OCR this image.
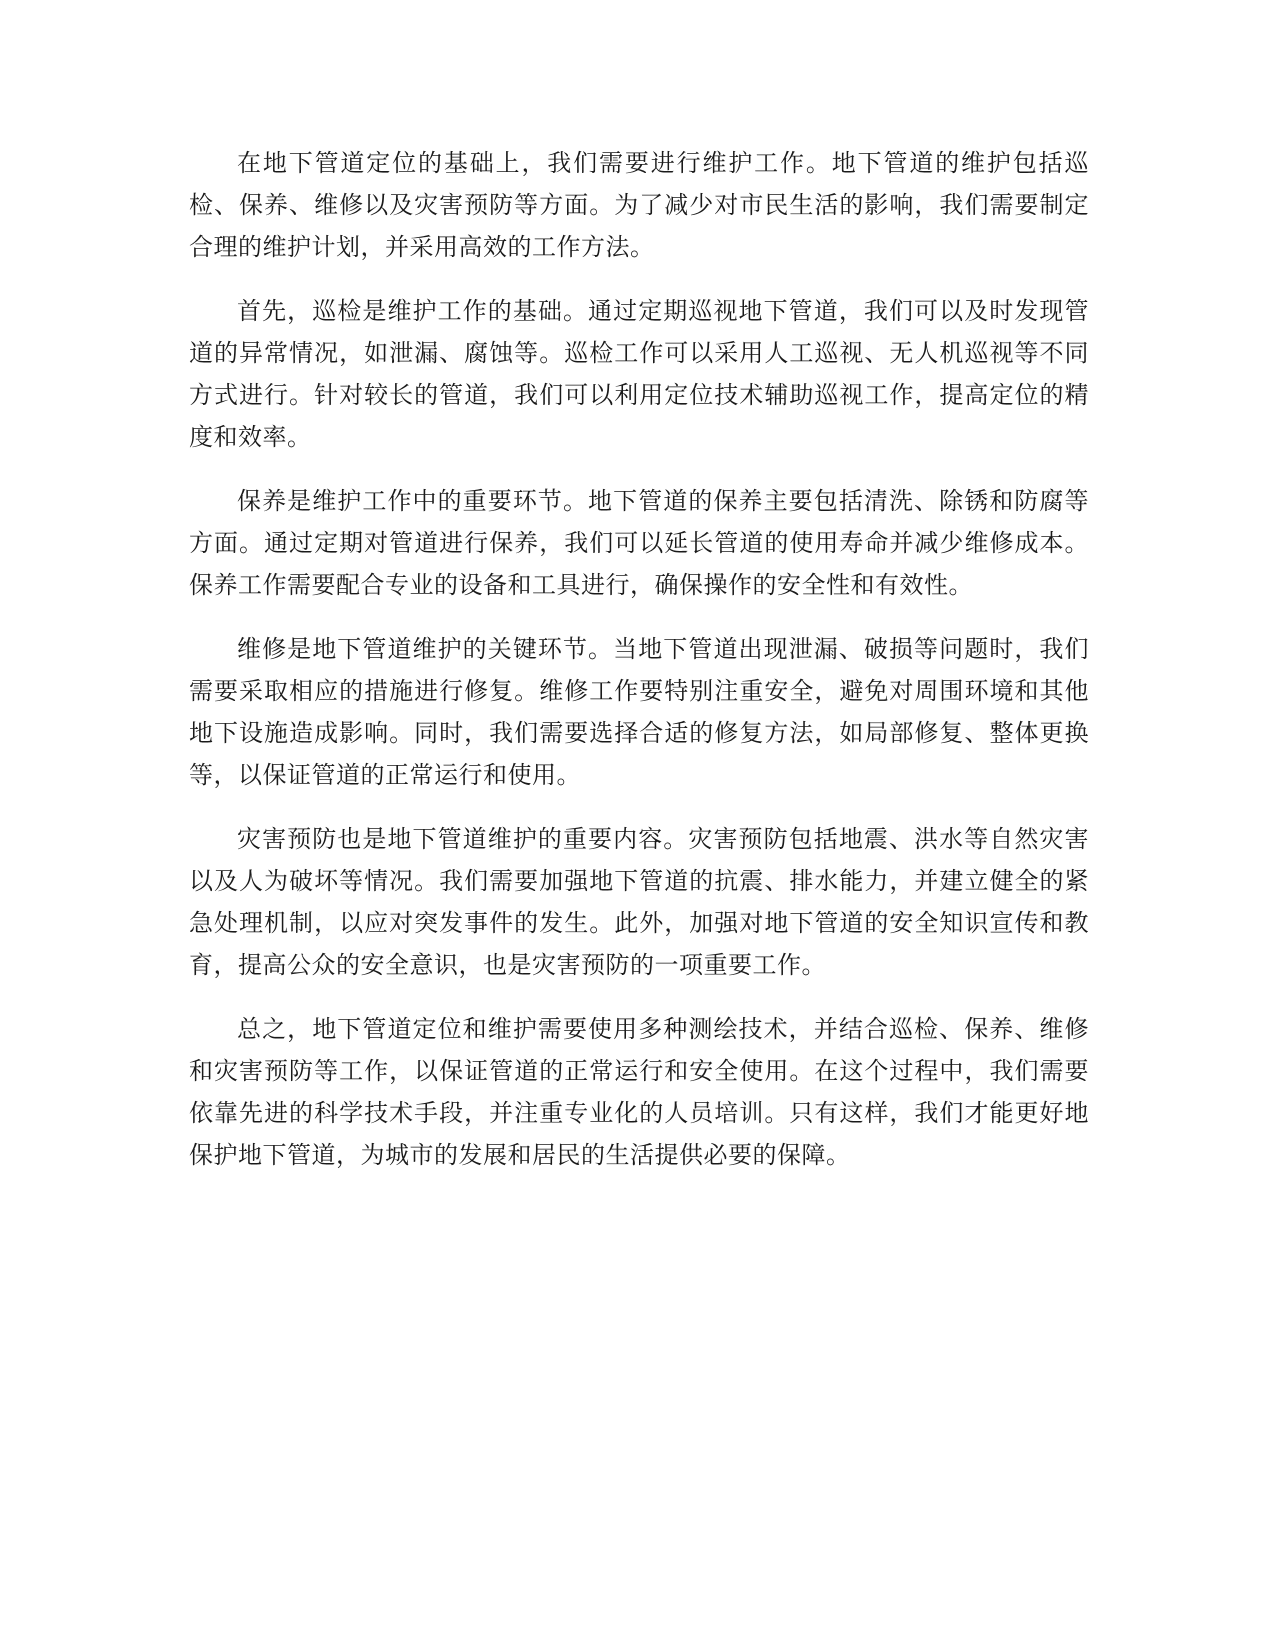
在地下管道定位的基础上，我们需要进行维护工作。地下管道的维护包括巡检、保养、维修以及灾害预防等方面。为了减少对市民生活的影响，我们需要制定合理的维护计划，并采用高效的工作方法。

首先，巡检是维护工作的基础。通过定期巡视地下管道，我们可以及时发现管道的异常情况，如泄漏、腐蚀等。巡检工作可以采用人工巡视、无人机巡视等不同方式进行。针对较长的管道，我们可以利用定位技术辅助巡视工作，提高定位的精度和效率。

保养是维护工作中的重要环节。地下管道的保养主要包括清洗、除锈和防腐等方面。通过定期对管道进行保养，我们可以延长管道的使用寿命并减少维修成本。保养工作需要配合专业的设备和工具进行，确保操作的安全性和有效性。

维修是地下管道维护的关键环节。当地下管道出现泄漏、破损等问题时，我们需要采取相应的措施进行修复。维修工作要特别注重安全，避免对周围环境和其他地下设施造成影响。同时，我们需要选择合适的修复方法，如局部修复、整体更换等，以保证管道的正常运行和使用。

灾害预防也是地下管道维护的重要内容。灾害预防包括地震、洪水等自然灾害以及人为破坏等情况。我们需要加强地下管道的抗震、排水能力，并建立健全的紧急处理机制，以应对突发事件的发生。此外，加强对地下管道的安全知识宣传和教育，提高公众的安全意识，也是灾害预防的一项重要工作。

总之，地下管道定位和维护需要使用多种测绘技术，并结合巡检、保养、维修和灾害预防等工作，以保证管道的正常运行和安全使用。在这个过程中，我们需要依靠先进的科学技术手段，并注重专业化的人员培训。只有这样，我们才能更好地保护地下管道，为城市的发展和居民的生活提供必要的保障。
